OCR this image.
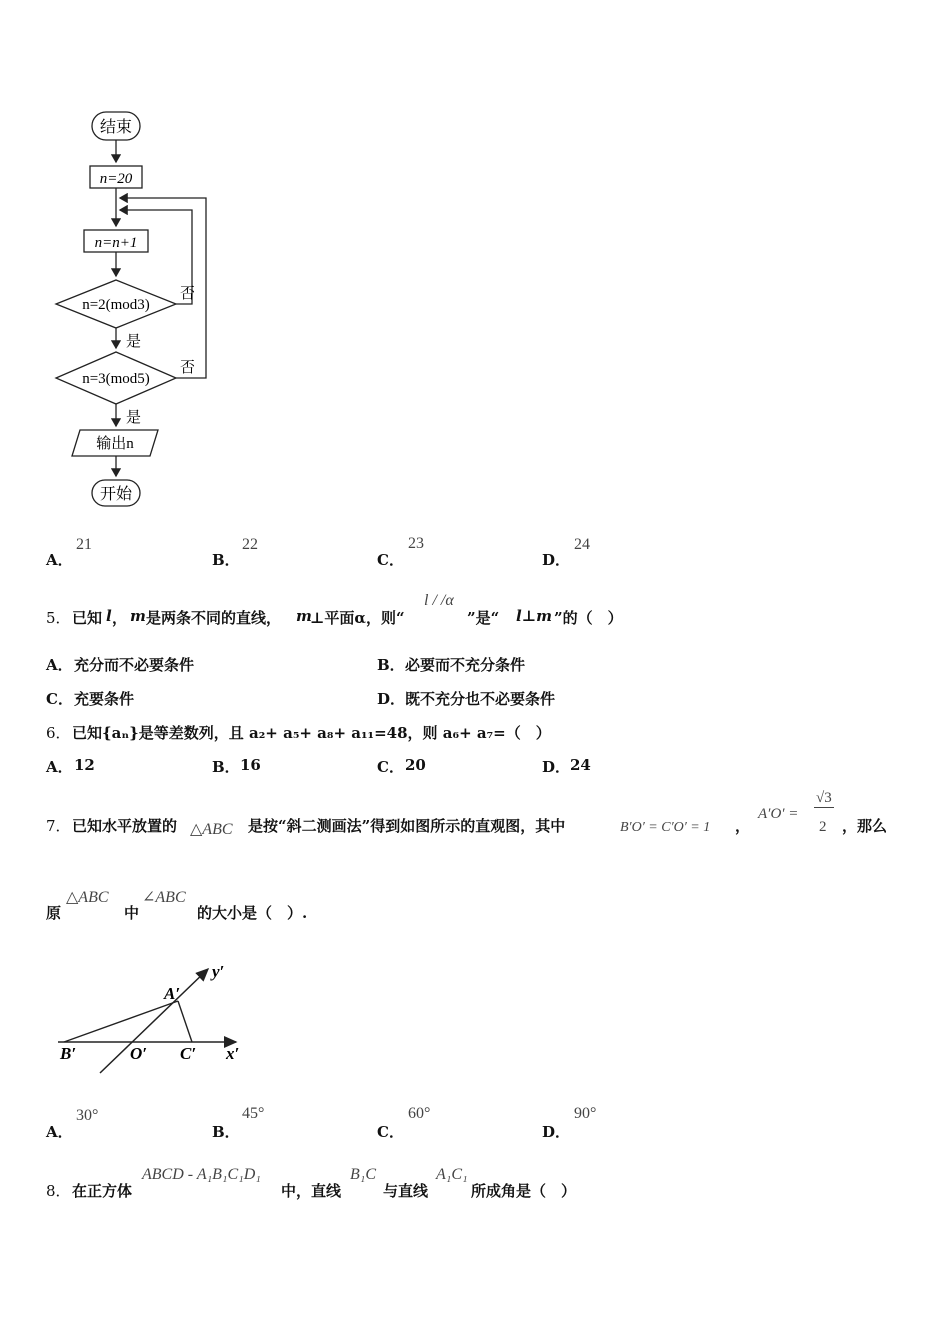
结束
n=20
n=n+1
n=2(mod3)
否
是
n=3(mod5)
否
是
输出n
开始
A．
21
B．
22
C．
23
D．
24
5． 已知 l ， m 是两条不同的直线， m
⊥平面α，则“
l / /α
”是“ l⊥m ”的（　）
A． 充分而不必要条件	B． 必要而不充分条件
C． 充要条件	D． 既不充分也不必要条件
6． 已知{aₙ}是等差数列，且 a₂+ a₅+ a₈+ a₁₁=48，则 a₆+ a₇=（　）
A． 12	B． 16	C． 20	D． 24
7． 已知水平放置的 △ABC 是按“斜二测画法”得到如图所示的直观图，其中	B′O′ = C′O′ = 1 ，
A′O′ =
√3
2 ，那么
原
△ABC
中
∠ABC
的大小是（　）.
y′
x′
A′
B′	O′ C′
A．
30°
B．
45°
C．
60°
D．
90°
8． 在正方体
ABCD - A₁B₁C₁D₁
中，直线
B₁C
与直线
A₁C₁
所成角是（　）
